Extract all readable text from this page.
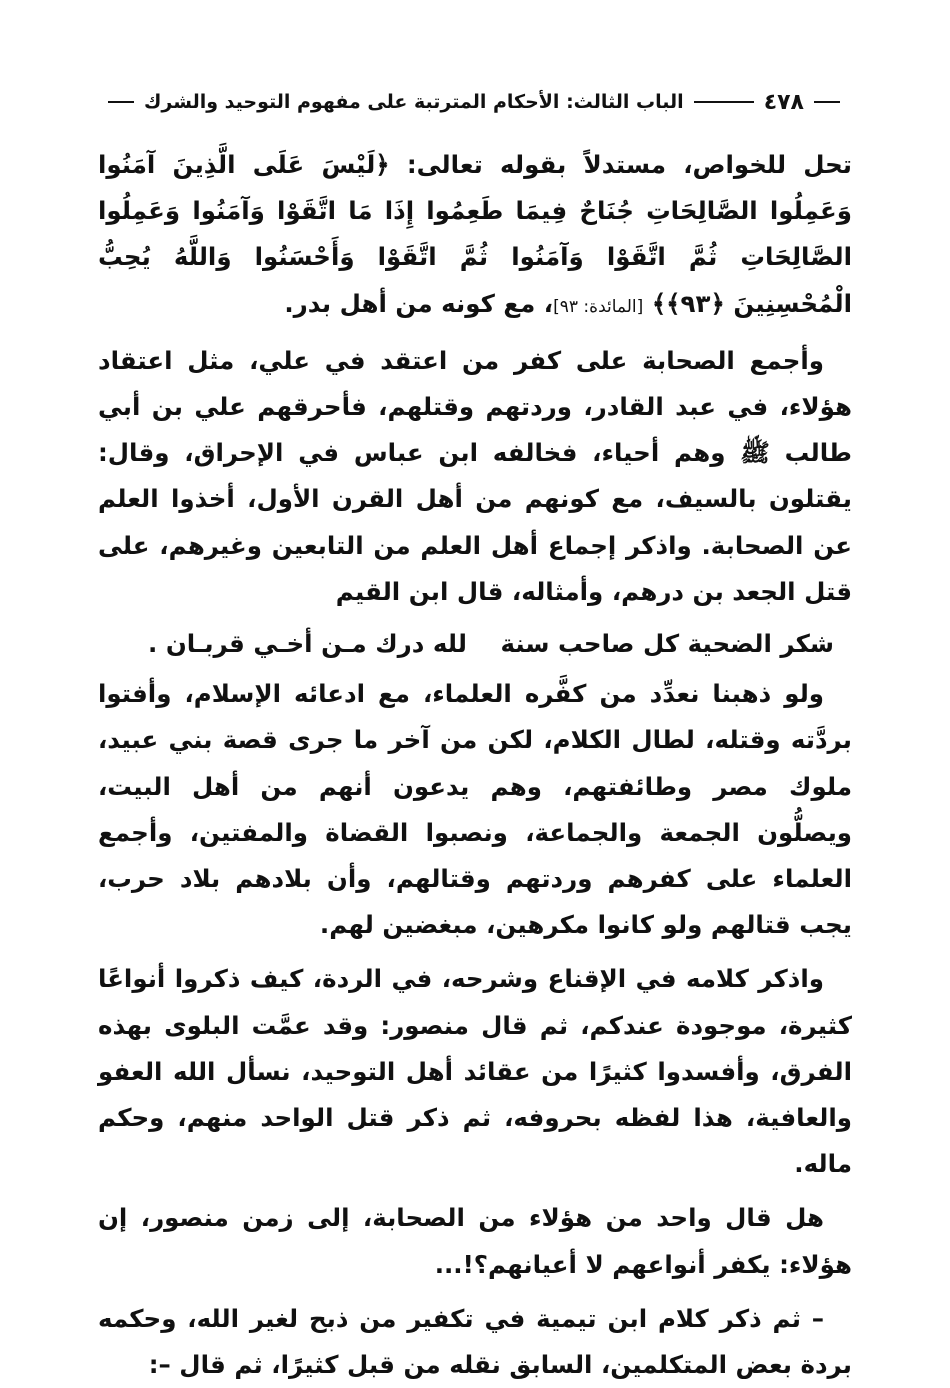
٤٧٨
الباب الثالث: الأحكام المترتبة على مفهوم التوحيد والشرك

تحل للخواص، مستدلاً بقوله تعالى: ﴿لَيْسَ عَلَى الَّذِينَ آمَنُوا وَعَمِلُوا الصَّالِحَاتِ جُنَاحٌ فِيمَا طَعِمُوا إِذَا مَا اتَّقَوْا وَآمَنُوا وَعَمِلُوا الصَّالِحَاتِ ثُمَّ اتَّقَوْا وَآمَنُوا ثُمَّ اتَّقَوْا وَأَحْسَنُوا وَاللَّهُ يُحِبُّ الْمُحْسِنِينَ ﴿٩٣﴾﴾ [المائدة: ٩٣]، مع كونه من أهل بدر.

وأجمع الصحابة على كفر من اعتقد في علي، مثل اعتقاد هؤلاء، في عبد القادر، وردتهم وقتلهم، فأحرقهم علي بن أبي طالب ﷺ وهم أحياء، فخالفه ابن عباس في الإحراق، وقال: يقتلون بالسيف، مع كونهم من أهل القرن الأول، أخذوا العلم عن الصحابة. واذكر إجماع أهل العلم من التابعين وغيرهم، على قتل الجعد بن درهم، وأمثاله، قال ابن القيم

شكر الضحية كل صاحب سنة
لله درك مـن أخـي قربـان .

ولو ذهبنا نعدِّد من كفَّره العلماء، مع ادعائه الإسلام، وأفتوا بردَّته وقتله، لطال الكلام، لكن من آخر ما جرى قصة بني عبيد، ملوك مصر وطائفتهم، وهم يدعون أنهم من أهل البيت، ويصلُّون الجمعة والجماعة، ونصبوا القضاة والمفتين، وأجمع العلماء على كفرهم وردتهم وقتالهم، وأن بلادهم بلاد حرب، يجب قتالهم ولو كانوا مكرهين، مبغضين لهم.

واذكر كلامه في الإقناع وشرحه، في الردة، كيف ذكروا أنواعًا كثيرة، موجودة عندكم، ثم قال منصور: وقد عمَّت البلوى بهذه الفرق، وأفسدوا كثيرًا من عقائد أهل التوحيد، نسأل الله العفو والعافية، هذا لفظه بحروفه، ثم ذكر قتل الواحد منهم، وحكم ماله.

هل قال واحد من هؤلاء من الصحابة، إلى زمن منصور، إن هؤلاء: يكفر أنواعهم لا أعيانهم؟!...

– ثم ذكر كلام ابن تيمية في تكفير من ذبح لغير الله، وحكمه بردة بعض المتكلمين، السابق نقله من قبل كثيرًا، ثم قال –:
